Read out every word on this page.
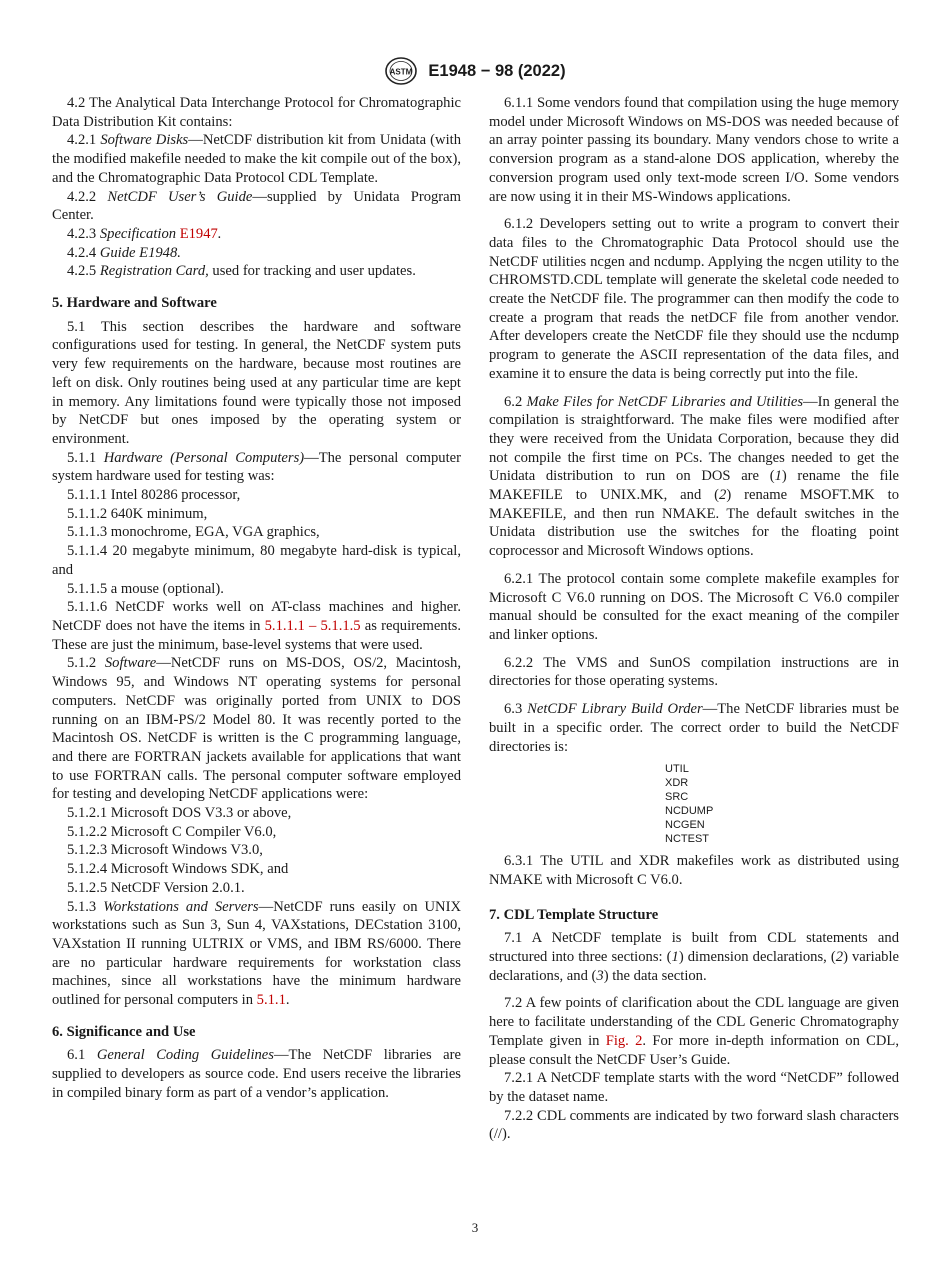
ASTM E1948 − 98 (2022)

4.2 The Analytical Data Interchange Protocol for Chromatographic Data Distribution Kit contains:

4.2.1 Software Disks—NetCDF distribution kit from Unidata (with the modified makefile needed to make the kit compile out of the box), and the Chromatographic Data Protocol CDL Template.

4.2.2 NetCDF User’s Guide—supplied by Unidata Program Center.

4.2.3 Specification E1947.

4.2.4 Guide E1948.

4.2.5 Registration Card, used for tracking and user updates.

5. Hardware and Software

5.1 This section describes the hardware and software configurations used for testing. In general, the NetCDF system puts very few requirements on the hardware, because most routines are left on disk. Only routines being used at any particular time are kept in memory. Any limitations found were typically those not imposed by NetCDF but ones imposed by the operating system or environment.

5.1.1 Hardware (Personal Computers)—The personal computer system hardware used for testing was:

5.1.1.1 Intel 80286 processor,

5.1.1.2 640K minimum,

5.1.1.3 monochrome, EGA, VGA graphics,

5.1.1.4 20 megabyte minimum, 80 megabyte hard-disk is typical, and

5.1.1.5 a mouse (optional).

5.1.1.6 NetCDF works well on AT-class machines and higher. NetCDF does not have the items in 5.1.1.1 – 5.1.1.5 as requirements. These are just the minimum, base-level systems that were used.

5.1.2 Software—NetCDF runs on MS-DOS, OS/2, Macintosh, Windows 95, and Windows NT operating systems for personal computers. NetCDF was originally ported from UNIX to DOS running on an IBM-PS/2 Model 80. It was recently ported to the Macintosh OS. NetCDF is written is the C programming language, and there are FORTRAN jackets available for applications that want to use FORTRAN calls. The personal computer software employed for testing and developing NetCDF applications were:

5.1.2.1 Microsoft DOS V3.3 or above,

5.1.2.2 Microsoft C Compiler V6.0,

5.1.2.3 Microsoft Windows V3.0,

5.1.2.4 Microsoft Windows SDK, and

5.1.2.5 NetCDF Version 2.0.1.

5.1.3 Workstations and Servers—NetCDF runs easily on UNIX workstations such as Sun 3, Sun 4, VAXstations, DECstation 3100, VAXstation II running ULTRIX or VMS, and IBM RS/6000. There are no particular hardware requirements for workstation class machines, since all workstations have the minimum hardware outlined for personal computers in 5.1.1.

6. Significance and Use

6.1 General Coding Guidelines—The NetCDF libraries are supplied to developers as source code. End users receive the libraries in compiled binary form as part of a vendor’s application.

6.1.1 Some vendors found that compilation using the huge memory model under Microsoft Windows on MS-DOS was needed because of an array pointer passing its boundary. Many vendors chose to write a conversion program as a stand-alone DOS application, whereby the conversion program used only text-mode screen I/O. Some vendors are now using it in their MS-Windows applications.

6.1.2 Developers setting out to write a program to convert their data files to the Chromatographic Data Protocol should use the NetCDF utilities ncgen and ncdump. Applying the ncgen utility to the CHROMSTD.CDL template will generate the skeletal code needed to create the NetCDF file. The programmer can then modify the code to create a program that reads the netDCF file from another vendor. After developers create the NetCDF file they should use the ncdump program to generate the ASCII representation of the data files, and examine it to ensure the data is being correctly put into the file.

6.2 Make Files for NetCDF Libraries and Utilities—In general the compilation is straightforward. The make files were modified after they were received from the Unidata Corporation, because they did not compile the first time on PCs. The changes needed to get the Unidata distribution to run on DOS are (1) rename the file MAKEFILE to UNIX.MK, and (2) rename MSOFT.MK to MAKEFILE, and then run NMAKE. The default switches in the Unidata distribution use the switches for the floating point coprocessor and Microsoft Windows options.

6.2.1 The protocol contain some complete makefile examples for Microsoft C V6.0 running on DOS. The Microsoft C V6.0 compiler manual should be consulted for the exact meaning of the compiler and linker options.

6.2.2 The VMS and SunOS compilation instructions are in directories for those operating systems.

6.3 NetCDF Library Build Order—The NetCDF libraries must be built in a specific order. The correct order to build the NetCDF directories is:

UTIL
XDR
SRC
NCDUMP
NCGEN
NCTEST

6.3.1 The UTIL and XDR makefiles work as distributed using NMAKE with Microsoft C V6.0.

7. CDL Template Structure

7.1 A NetCDF template is built from CDL statements and structured into three sections: (1) dimension declarations, (2) variable declarations, and (3) the data section.

7.2 A few points of clarification about the CDL language are given here to facilitate understanding of the CDL Generic Chromatography Template given in Fig. 2. For more in-depth information on CDL, please consult the NetCDF User’s Guide.

7.2.1 A NetCDF template starts with the word “NetCDF” followed by the dataset name.

7.2.2 CDL comments are indicated by two forward slash characters (//).

3
